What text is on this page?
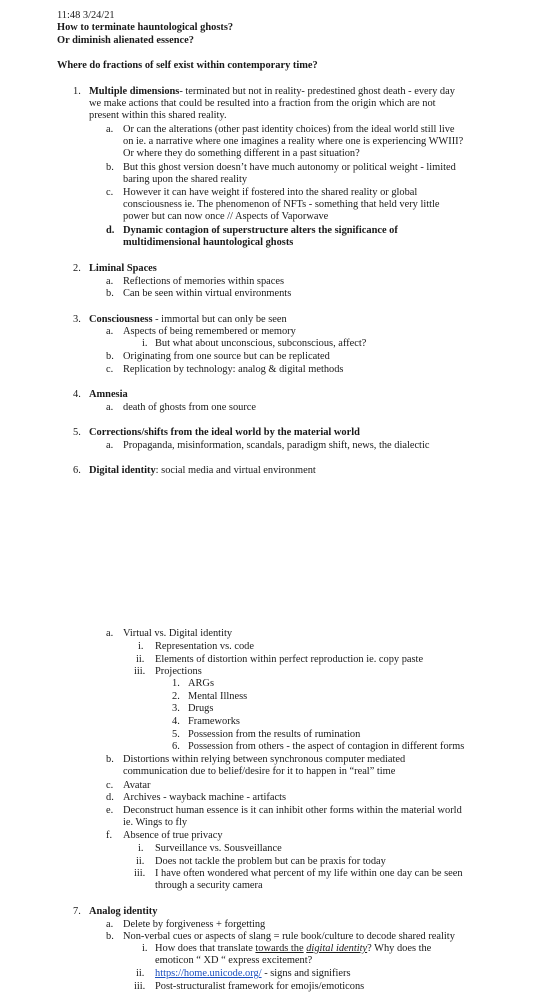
11:48 3/24/21
How to terminate hauntological ghosts?
Or diminish alienated essence?
Where do fractions of self exist within contemporary time?
1. Multiple dimensions- terminated but not in reality- predestined ghost death - every day
we make actions that could be resulted into a fraction from the origin which are not
present within this shared reality.
a. Or can the alterations (other past identity choices) from the ideal world still live
on ie. a narrative where one imagines a reality where one is experiencing WWIII?
Or where they do something different in a past situation?
b. But this ghost version doesn’t have much autonomy or political weight - limited
baring upon the shared reality
c. However it can have weight if fostered into the shared reality or global
consciousness ie. The phenomenon of NFTs - something that held very little
power but can now once // Aspects of Vaporwave
d. Dynamic contagion of superstructure alters the significance of
multidimensional hauntological ghosts
2. Liminal Spaces
a. Reflections of memories within spaces
b. Can be seen within virtual environments
3. Consciousness - immortal but can only be seen
a. Aspects of being remembered or memory
i. But what about unconscious, subconscious, affect?
b. Originating from one source but can be replicated
c. Replication by technology: analog & digital methods
4. Amnesia
a. death of ghosts from one source
5. Corrections/shifts from the ideal world by the material world
a. Propaganda, misinformation, scandals, paradigm shift, news, the dialectic
6. Digital identity: social media and virtual environment
a. Virtual vs. Digital identity
i. Representation vs. code
ii. Elements of distortion within perfect reproduction ie. copy paste
iii. Projections
1. ARGs
2. Mental Illness
3. Drugs
4. Frameworks
5. Possession from the results of rumination
6. Possession from others - the aspect of contagion in different forms
b. Distortions within relying between synchronous computer mediated
communication due to belief/desire for it to happen in “real” time
c. Avatar
d. Archives - wayback machine - artifacts
e. Deconstruct human essence is it can inhibit other forms within the material world
ie. Wings to fly
f. Absence of true privacy
i. Surveillance vs. Sousveillance
ii. Does not tackle the problem but can be praxis for today
iii. I have often wondered what percent of my life within one day can be seen
through a security camera
7. Analog identity
a. Delete by forgiveness + forgetting
b. Non-verbal cues or aspects of slang = rule book/culture to decode shared reality
i. How does that translate towards the digital identity? Why does the
emoticon “ XD “ express excitement?
ii. https://home.unicode.org/ - signs and signifiers
iii. Post-structuralist framework for emojis/emoticons
